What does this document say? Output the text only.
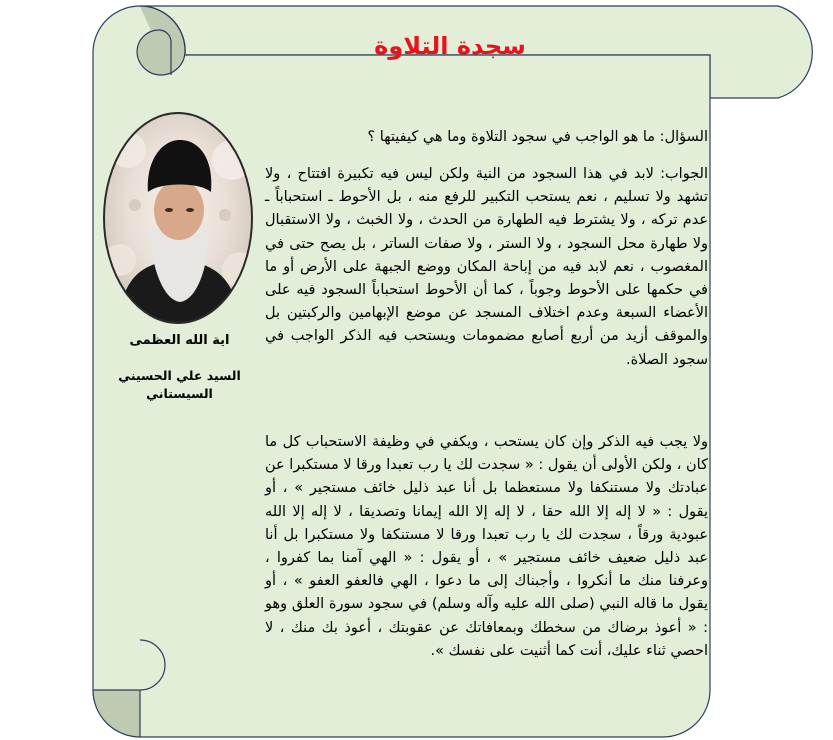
سجدة التلاوة
السؤال: ما هو الواجب في سجود التلاوة وما هي كيفيتها ؟
الجواب: لابد في هذا السجود من النية ولكن ليس فيه تكبيرة افتتاح ، ولا تشهد ولا تسليم ، نعم يستحب التكبير للرفع منه ، بل الأحوط ـ استحباباً ـ عدم تركه ، ولا يشترط فيه الطهارة من الحدث ، ولا الخبث ، ولا الاستقبال ولا طهارة محل السجود ، ولا الستر ، ولا صفات الساتر ، بل يصح حتى في المغصوب ، نعم لابد فيه من إباحة المكان ووضع الجبهة على الأرض أو ما في حكمها على الأحوط وجوباً ، كما أن الأحوط استحباباً السجود فيه على الأعضاء السبعة وعدم اختلاف المسجد عن موضع الإبهامين والركبتين بل والموقف أزيد من أربع أصابع مضمومات ويستحب فيه الذكر الواجب في سجود الصلاة.
ولا يجب فيه الذكر وإن كان يستحب ، ويكفي في وظيفة الاستحباب كل ما كان ، ولكن الأولى أن يقول : « سجدت لك يا رب تعبدا ورقا لا مستكبرا عن عبادتك ولا مستنكفا ولا مستعظما بل أنا عبد ذليل خائف مستجير » ، أو يقول : « لا إله إلا الله حقا ، لا إله إلا الله إيمانا وتصديقا ، لا إله إلا الله عبودية ورقاً ، سجدت لك يا رب تعبدا ورقا لا مستنكفا ولا مستكبرا بل أنا عبد ذليل ضعيف خائف مستجير » ، أو يقول : « الهي آمنا بما كفروا ، وعرفنا منك ما أنكروا ، وأجبناك إلى ما دعوا ، الهي فالعفو العفو » ، أو يقول ما قاله النبي (صلى الله عليه وآله وسلم) في سجود سورة العلق وهو : « أعوذ برضاك من سخطك وبمعافاتك عن عقوبتك ، أعوذ بك منك ، لا احصي ثناء عليك، أنت كما أثنيت على نفسك ».
اية الله العظمى
السيد علي الحسيني السيستاني
